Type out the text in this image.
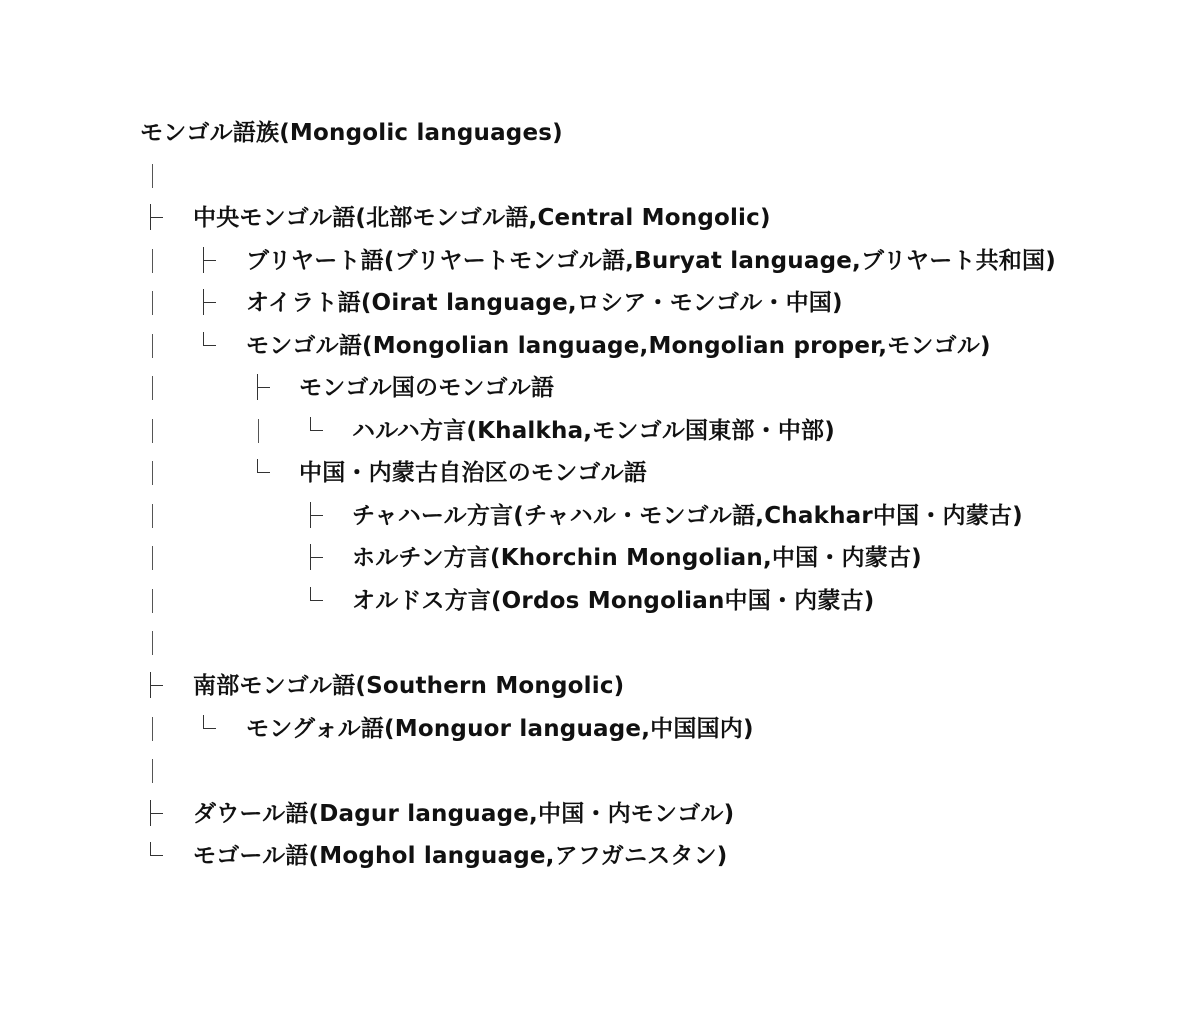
モンゴル語族(Mongolic languages)
中央モンゴル語(北部モンゴル語,Central Mongolic)
ブリヤート語(ブリヤートモンゴル語,Buryat language,ブリヤート共和国)
オイラト語(Oirat language,ロシア・モンゴル・中国)
モンゴル語(Mongolian language,Mongolian proper,モンゴル)
モンゴル国のモンゴル語
ハルハ方言(Khalkha,モンゴル国東部・中部)
中国・内蒙古自治区のモンゴル語
チャハール方言(チャハル・モンゴル語,Chakhar中国・内蒙古)
ホルチン方言(Khorchin Mongolian,中国・内蒙古)
オルドス方言(Ordos Mongolian中国・内蒙古)
南部モンゴル語(Southern Mongolic)
モングォル語(Monguor language,中国国内)
ダウール語(Dagur language,中国・内モンゴル)
モゴール語(Moghol language,アフガニスタン)
